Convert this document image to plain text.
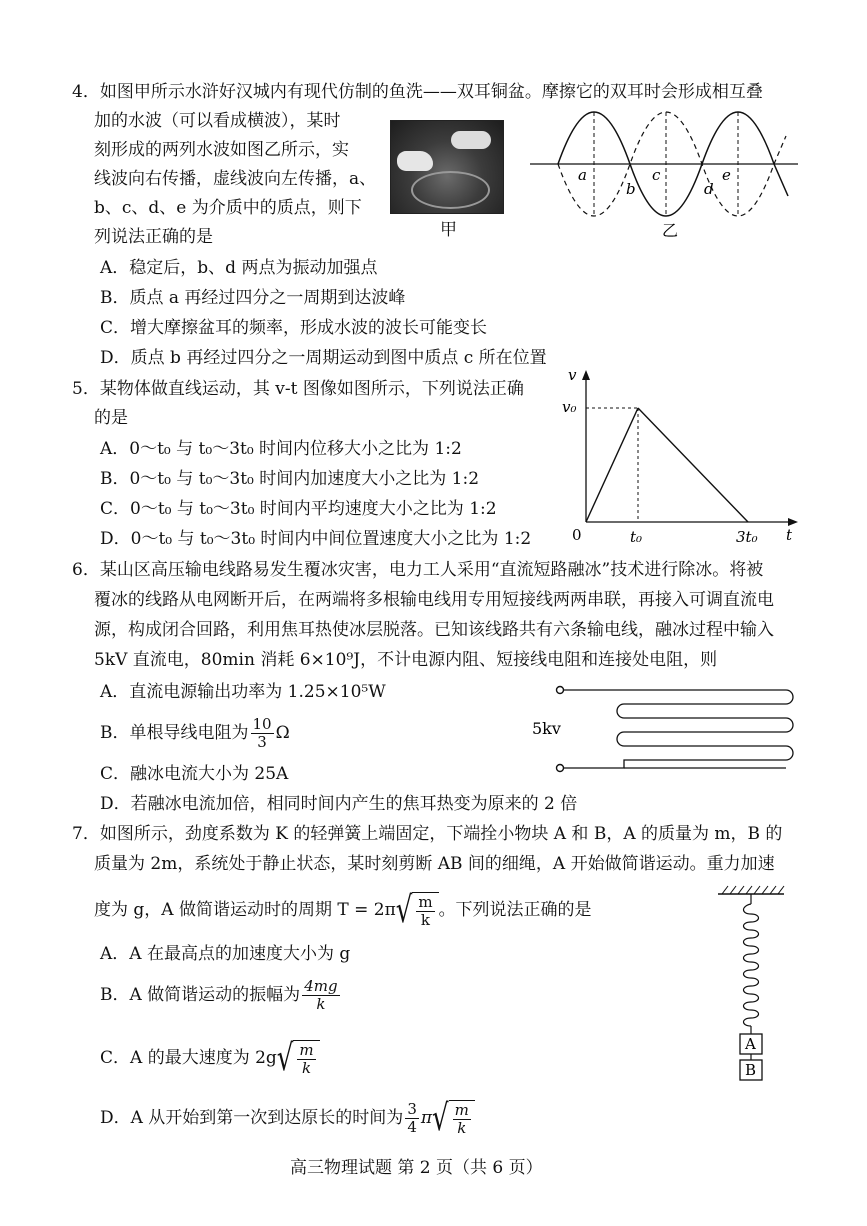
4．如图甲所示水浒好汉城内有现代仿制的鱼洗——双耳铜盆。摩擦它的双耳时会形成相互叠
加的水波（可以看成横波），某时
刻形成的两列水波如图乙所示，实
线波向右传播，虚线波向左传播，a、
b、c、d、e 为介质中的质点，则下
列说法正确的是	甲
a
b
c
d
e
乙
A．稳定后，b、d 两点为振动加强点
B．质点 a 再经过四分之一周期到达波峰
C．增大摩擦盆耳的频率，形成水波的波长可能变长
D．质点 b 再经过四分之一周期运动到图中质点 c 所在位置
5．某物体做直线运动，其 v-t 图像如图所示，下列说法正确
的是
A．0～t₀ 与 t₀～3t₀ 时间内位移大小之比为 1:2
B．0～t₀ 与 t₀～3t₀ 时间内加速度大小之比为 1:2
C．0～t₀ 与 t₀～3t₀ 时间内平均速度大小之比为 1:2
D．0～t₀ 与 t₀～3t₀ 时间内中间位置速度大小之比为 1:2
v
v₀
0	t₀	3t₀ t
6．某山区高压输电线路易发生覆冰灾害，电力工人采用“直流短路融冰”技术进行除冰。将被
覆冰的线路从电网断开后，在两端将多根输电线用专用短接线两两串联，再接入可调直流电
源，构成闭合回路，利用焦耳热使冰层脱落。已知该线路共有六条输电线，融冰过程中输入
5kV 直流电，80min 消耗 6×10⁹J，不计电源内阻、短接线电阻和连接处电阻，则
A．直流电源输出功率为 1.25×10⁵W
B．单根导线电阻为 $\frac{10}{3}$ Ω
C．融冰电流大小为 25A
D．若融冰电流加倍，相同时间内产生的焦耳热变为原来的 2 倍
5kv
7．如图所示，劲度系数为 K 的轻弹簧上端固定，下端拴小物块 A 和 B，A 的质量为 m，B 的
质量为 2m，系统处于静止状态，某时刻剪断 AB 间的细绳，A 开始做简谐运动。重力加速
度为 g，A 做简谐运动时的周期 $T = 2\pi√ \frac{m}{k}$ 。下列说法正确的是
A．A 在最高点的加速度大小为 g
B．A 做简谐运动的振幅为 $\frac{4mg}{k}$
C．A 的最大速度为 $2g√ \frac{m}{k}$
D．A 从开始到第一次到达原长的时间为 $\frac{3}{4} \pi√ \frac{m}{k}$
A
B
高三物理试题 第 2 页（共 6 页）
